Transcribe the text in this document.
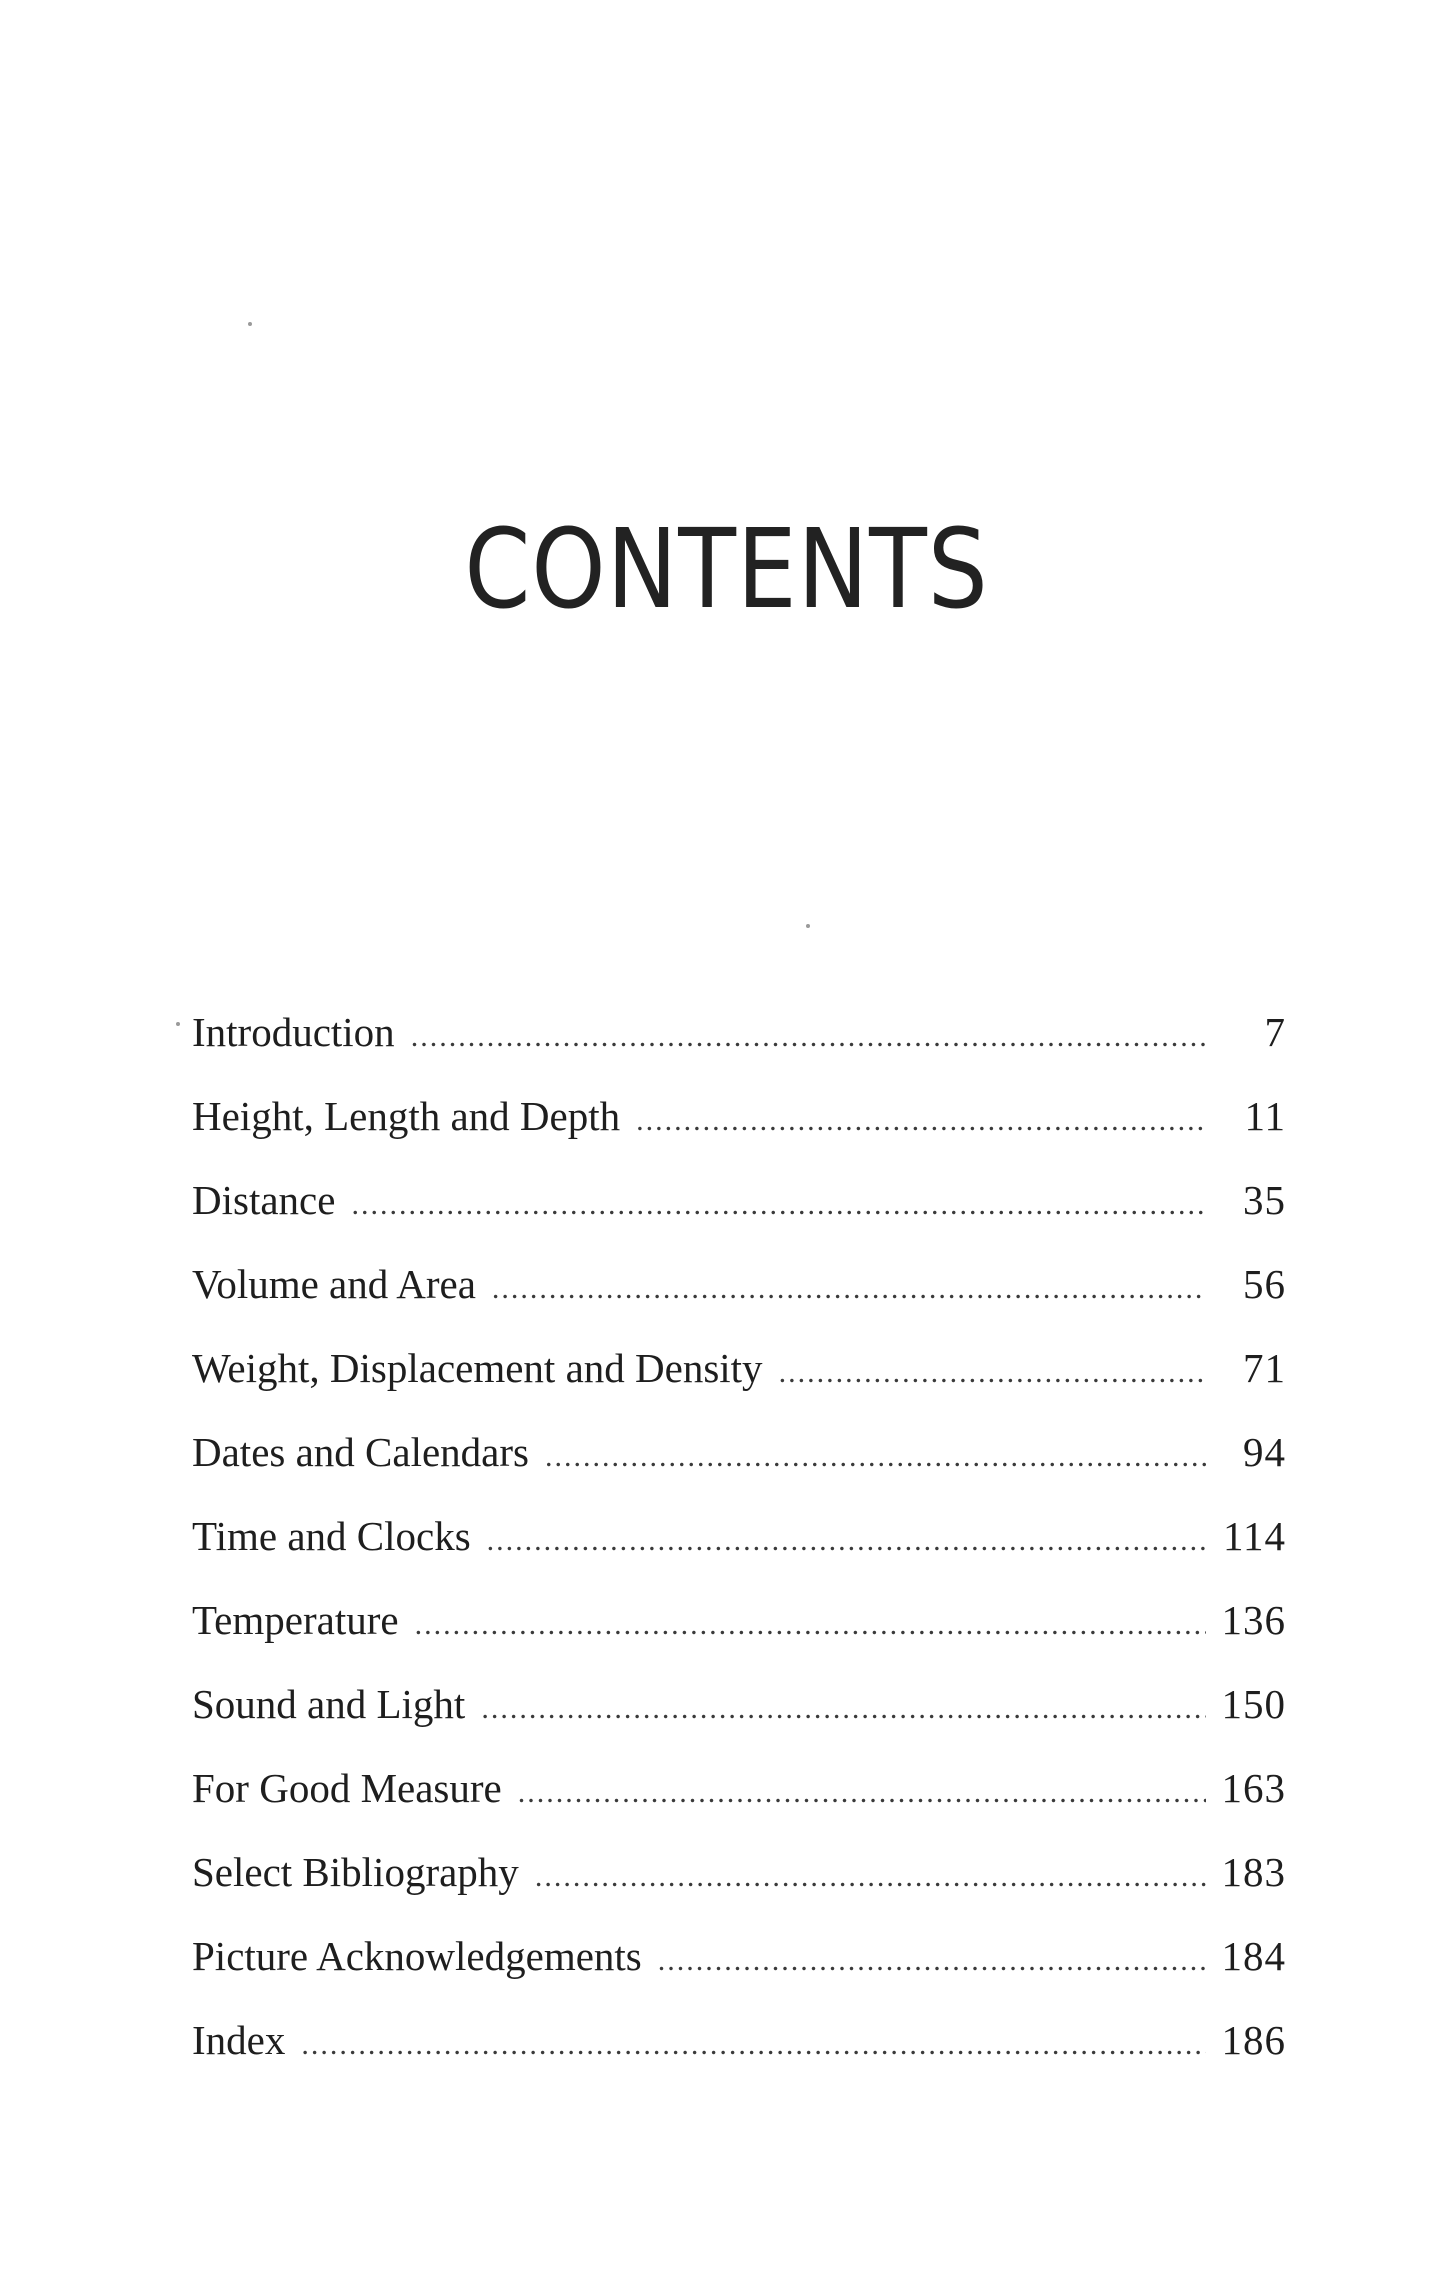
CONTENTS
Introduction .....	7
Height, Length and Depth .....	11
Distance .....	35
Volume and Area .....	56
Weight, Displacement and Density .....	71
Dates and Calendars .....	94
Time and Clocks .....	114
Temperature .....	136
Sound and Light .....	150
For Good Measure .....	163
Select Bibliography .....	183
Picture Acknowledgements .....	184
Index .....	186
